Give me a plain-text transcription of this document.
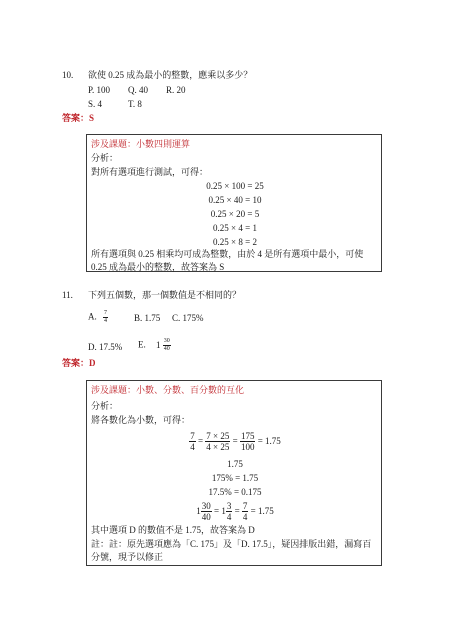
10. 欲使 0.25 成為最小的整數，應乘以多少？
P. 100 Q. 40 R. 20
S. 4	T. 8
答案：S
涉及課題：小數四則運算
分析：
對所有選項進行測試，可得：
0.25 × 100 = 25
0.25 × 40 = 10
0.25 × 20 = 5
0.25 × 4 = 1
0.25 × 8 = 2
所有選項與 0.25 相乘均可成為整數，由於 4 是所有選項中最小，可使
0.25 成為最小的整數，故答案為 S
11. 下列五個數，那一個數值是不相同的？
A. $\frac{7}{4}$	B. 1.75 C. 175%
D. 17.5% E. $1 \frac{30}{40}$
答案：D
涉及課題：小數、分數、百分數的互化
分析：
將各數化為小數，可得：
$\frac{7}{4} = \frac{7 \times 25}{4 \times 25} = \frac{175}{100} = 1.75$
1.75
175% = 1.75
17.5% = 0.175
$1 \frac{30}{40} = 1 \frac{3}{4} = \frac{7}{4} = 1.75$
其中選項 D 的數值不是 1.75，故答案為 D
註：註：原先選項應為「C. 175」及「D. 17.5」，疑因排版出錯，漏寫百
分號，現予以修正
